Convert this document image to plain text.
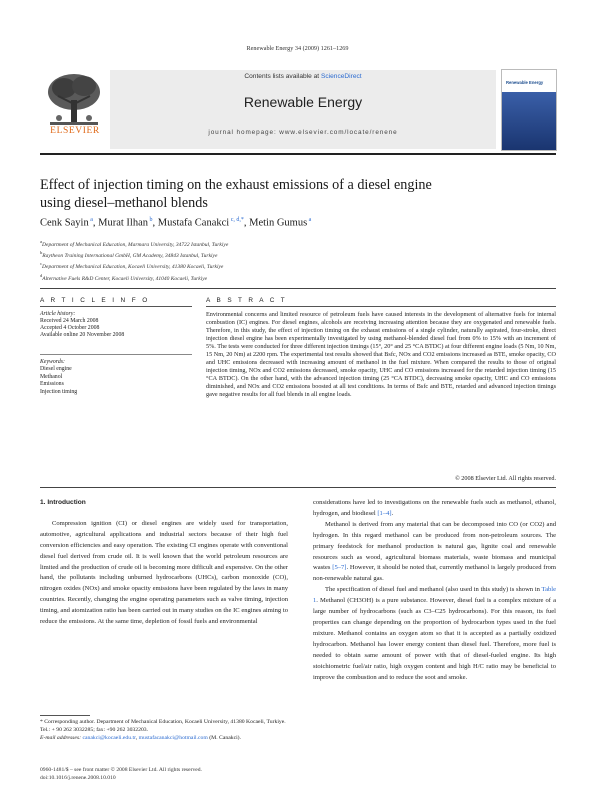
Renewable Energy 34 (2009) 1261–1269
ELSEVIER
Contents lists available at ScienceDirect
Renewable Energy
journal homepage: www.elsevier.com/locate/renene
Renewable Energy
Effect of injection timing on the exhaust emissions of a diesel engine
using diesel–methanol blends
Cenk Sayin $^a$, Murat Ilhan $^b$, Mustafa Canakci $^{c, d,*}$, Metin Gumus $^a$
$^a$Department of Mechanical Education, Marmara University, 34722 Istanbul, Turkiye
$^b$Raytheon Training International GmbH, GM Academy, 34843 Istanbul, Turkiye
$^c$Department of Mechanical Education, Kocaeli University, 41380 Kocaeli, Turkiye
$^d$Alternative Fuels R&D Center, Kocaeli University, 41040 Kocaeli, Turkiye
A R T I C L E I N F O
Article history:
Received 24 March 2008
Accepted 4 October 2008
Available online 20 November 2008
Keywords:
Diesel engine
Methanol
Emissions
Injection timing
A B S T R A C T
Environmental concerns and limited resource of petroleum fuels have caused interests in the development of alternative fuels for internal combustion (IC) engines. For diesel engines, alcohols are receiving increasing attention because they are oxygenated and renewable fuels. Therefore, in this study, the effect of injection timing on the exhaust emissions of a single cylinder, naturally aspirated, four-stroke, direct injection diesel engine has been experimentally investigated by using methanol-blended diesel fuel from 0% to 15% with an increment of 5%. The tests were conducted for three different injection timings (15°, 20° and 25 °CA BTDC) at four different engine loads (5 Nm, 10 Nm, 15 Nm, 20 Nm) at 2200 rpm. The experimental test results showed that Bsfc, NOx and CO2 emissions increased as BTE, smoke opacity, CO and UHC emissions decreased with increasing amount of methanol in the fuel mixture. When compared the results to those of original injection timing, NOx and CO2 emissions decreased, smoke opacity, UHC and CO emissions increased for the retarded injection timing (15 °CA BTDC). On the other hand, with the advanced injection timing (25 °CA BTDC), decreasing smoke opacity, UHC and CO emissions diminished, and NOx and CO2 emissions boosted at all test conditions. In terms of Bsfc and BTE, retarded and advanced injection timings gave negative results for all fuel blends in all engine loads.
© 2008 Elsevier Ltd. All rights reserved.
1. Introduction

Compression ignition (CI) or diesel engines are widely used for transportation, automotive, agricultural applications and industrial sectors because of their high fuel conversion efficiencies and easy operation. The existing CI engines operate with conventional diesel fuel derived from crude oil. It is well known that the world petroleum resources are limited and the production of crude oil is becoming more difficult and expensive. On the other hand, the pollutants including unburned hydrocarbons (UHCs), carbon monoxide (CO), nitrogen oxides (NOx) and smoke opacity emissions have been regulated by the laws in many countries. Recently, changing the engine operating parameters such as valve timing, injection timing, and atomization ratio has been carried out in many studies on the IC engines aiming to reduce the emissions. At the same time, depletion of fossil fuels and environmental

considerations have led to investigations on the renewable fuels such as methanol, ethanol, hydrogen, and biodiesel [1–4].

Methanol is derived from any material that can be decomposed into CO (or CO2) and hydrogen. In this regard methanol can be produced from non-petroleum sources. The primary feedstock for methanol production is natural gas, lignite coal and renewable resources such as wood, agricultural biomass materials, waste biomass and municipal wastes [5–7]. However, it should be noted that, currently methanol is largely produced from non-renewable natural gas.

The specification of diesel fuel and methanol (also used in this study) is shown in Table 1. Methanol (CH3OH) is a pure substance. However, diesel fuel is a complex mixture of a large number of hydrocarbons (such as C3–C25 hydrocarbons). For this reason, its fuel properties can change depending on the proportion of hydrocarbon types used in the fuel mixture. Methanol contains an oxygen atom so that it is accepted as a partially oxidized hydrocarbon. Methanol has lower energy content than diesel fuel. Therefore, more fuel is needed to obtain same amount of power with that of diesel-fueled engine. Its high stoichiometric fuel/air ratio, high oxygen content and high H/C ratio may be beneficial to improve the combustion and to reduce the soot and smoke.

* Corresponding author. Department of Mechanical Education, Kocaeli University, 41380 Kocaeli, Turkiye. Tel.: + 90 262 3032285; fax: +90 262 3032203.
E-mail addresses: canakci@kocaeli.edu.tr, mustafacanakci@hotmail.com (M. Canakci).
0960-1481/$ – see front matter © 2008 Elsevier Ltd. All rights reserved.
doi:10.1016/j.renene.2008.10.010
